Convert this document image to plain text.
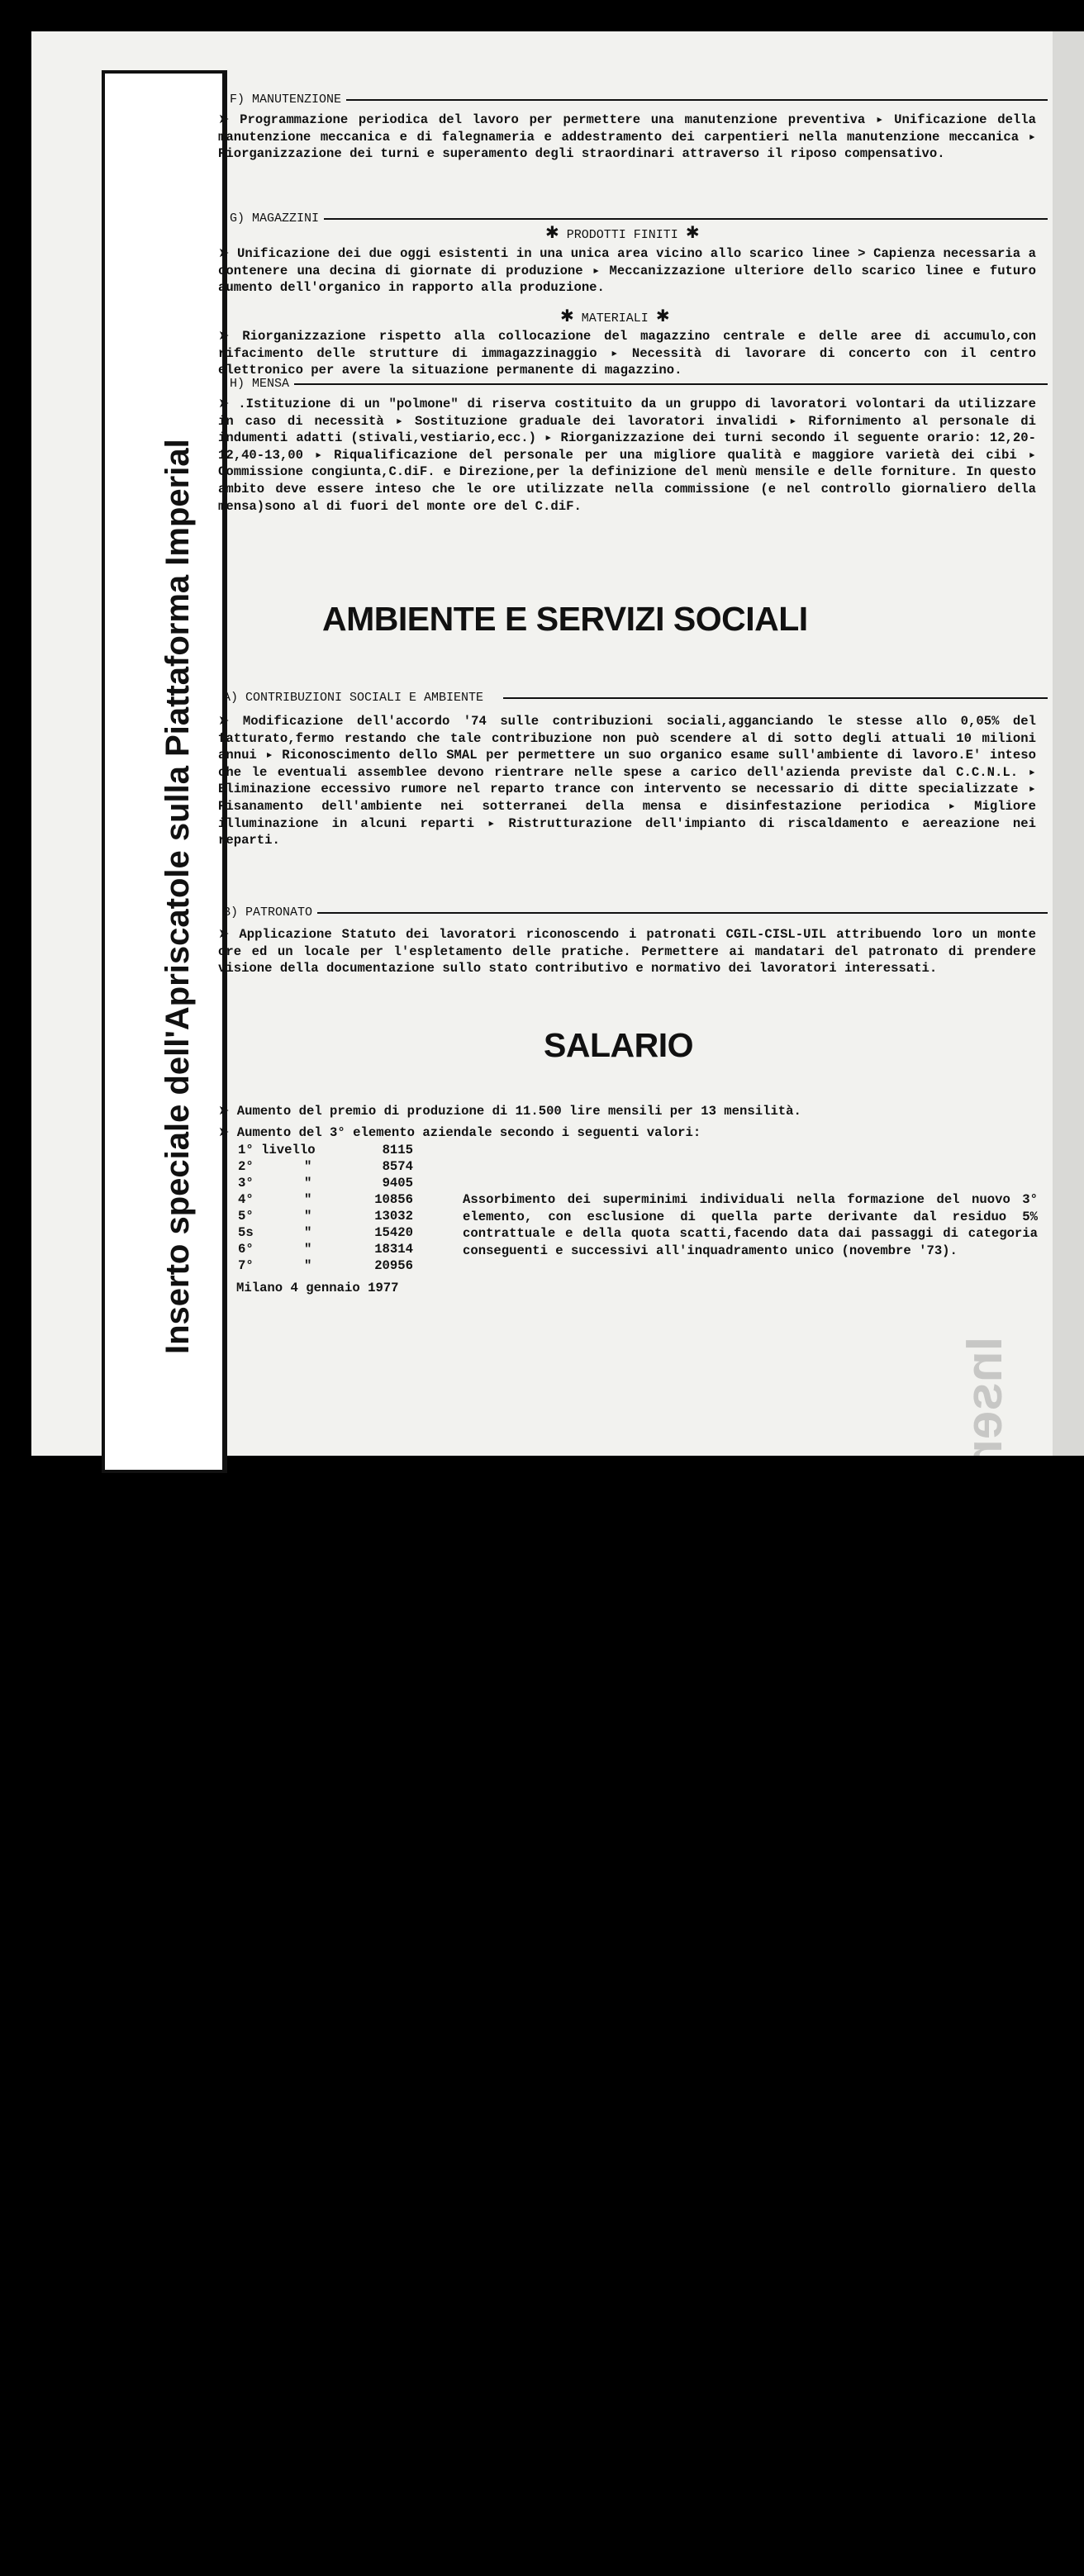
Inserto speciale sulla Piattaforma Imperial
Inserto speciale dell'Apriscatole sulla Piattaforma Imperial
F) MANUTENZIONE
➤ Programmazione periodica del lavoro per permettere una manutenzione preventiva ▸ Unificazione della manutenzione meccanica e di falegnameria e addestramento dei carpentieri nella manutenzione meccanica ▸ Riorganizzazione dei turni e superamento degli straordinari attraverso il riposo compensativo.
G) MAGAZZINI
✱ PRODOTTI FINITI ✱
➤ Unificazione dei due oggi esistenti in una unica area vicino allo scarico linee > Capienza necessaria a contenere una decina di giornate di produzione ▸ Meccanizzazione ulteriore dello scarico linee e futuro aumento dell'organico in rapporto alla produzione.
✱ MATERIALI ✱
➤ Riorganizzazione rispetto alla collocazione del magazzino centrale e delle aree di accumulo,con rifacimento delle strutture di immagazzinaggio ▸ Necessità di lavorare di concerto con il centro elettronico per avere la situazione permanente di magazzino.
H) MENSA
➤ .Istituzione di un "polmone" di riserva costituito da un gruppo di lavoratori volontari da utilizzare in caso di necessità ▸ Sostituzione graduale dei lavoratori invalidi ▸ Rifornimento al personale di indumenti adatti (stivali,vestiario,ecc.) ▸ Riorganizzazione dei turni secondo il seguente orario: 12,20-12,40-13,00 ▸ Riqualificazione del personale per una migliore qualità e maggiore varietà dei cibi ▸ Commissione congiunta,C.diF. e Direzione,per la definizione del menù mensile e delle forniture. In questo ambito deve essere inteso che le ore utilizzate nella commissione (e nel controllo giornaliero della mensa)sono al di fuori del monte ore del C.diF.
AMBIENTE E SERVIZI SOCIALI
A) CONTRIBUZIONI SOCIALI E AMBIENTE
➤ Modificazione dell'accordo '74 sulle contribuzioni sociali,agganciando le stesse allo 0,05% del fatturato,fermo restando che tale contribuzione non può scendere al di sotto degli attuali 10 milioni annui ▸ Riconoscimento dello SMAL per permettere un suo organico esame sull'ambiente di lavoro.E' inteso che le eventuali assemblee devono rientrare nelle spese a carico dell'azienda previste dal C.C.N.L. ▸ Eliminazione eccessivo rumore nel reparto trance con intervento se necessario di ditte specializzate ▸ Risanamento dell'ambiente nei sotterranei della mensa e disinfestazione periodica ▸ Migliore illuminazione in alcuni reparti ▸ Ristrutturazione dell'impianto di riscaldamento e aereazione nei reparti.
B) PATRONATO
➤ Applicazione Statuto dei lavoratori riconoscendo i patronati CGIL-CISL-UIL attribuendo loro un monte ore ed un locale per l'espletamento delle pratiche. Permettere ai mandatari del patronato di prendere visione della documentazione sullo stato contributivo e normativo dei lavoratori interessati.
SALARIO
➤ Aumento del premio di produzione di 11.500 lire mensili per 13 mensilità.
➤ Aumento del 3° elemento aziendale secondo i seguenti valori:
1° livello	8115
2°	"	8574
3°	"	9405
4°	"	10856
5°	"	13032
5s	"	15420
6°	"	18314
7°	"	20956
Assorbimento dei superminimi individuali nella formazione del nuovo 3° elemento, con esclusione di quella parte derivante dal residuo 5% contrattuale e della quota scatti,facendo data dai passaggi di categoria conseguenti e successivi all'inquadramento unico (novembre '73).
Milano 4 gennaio 1977
